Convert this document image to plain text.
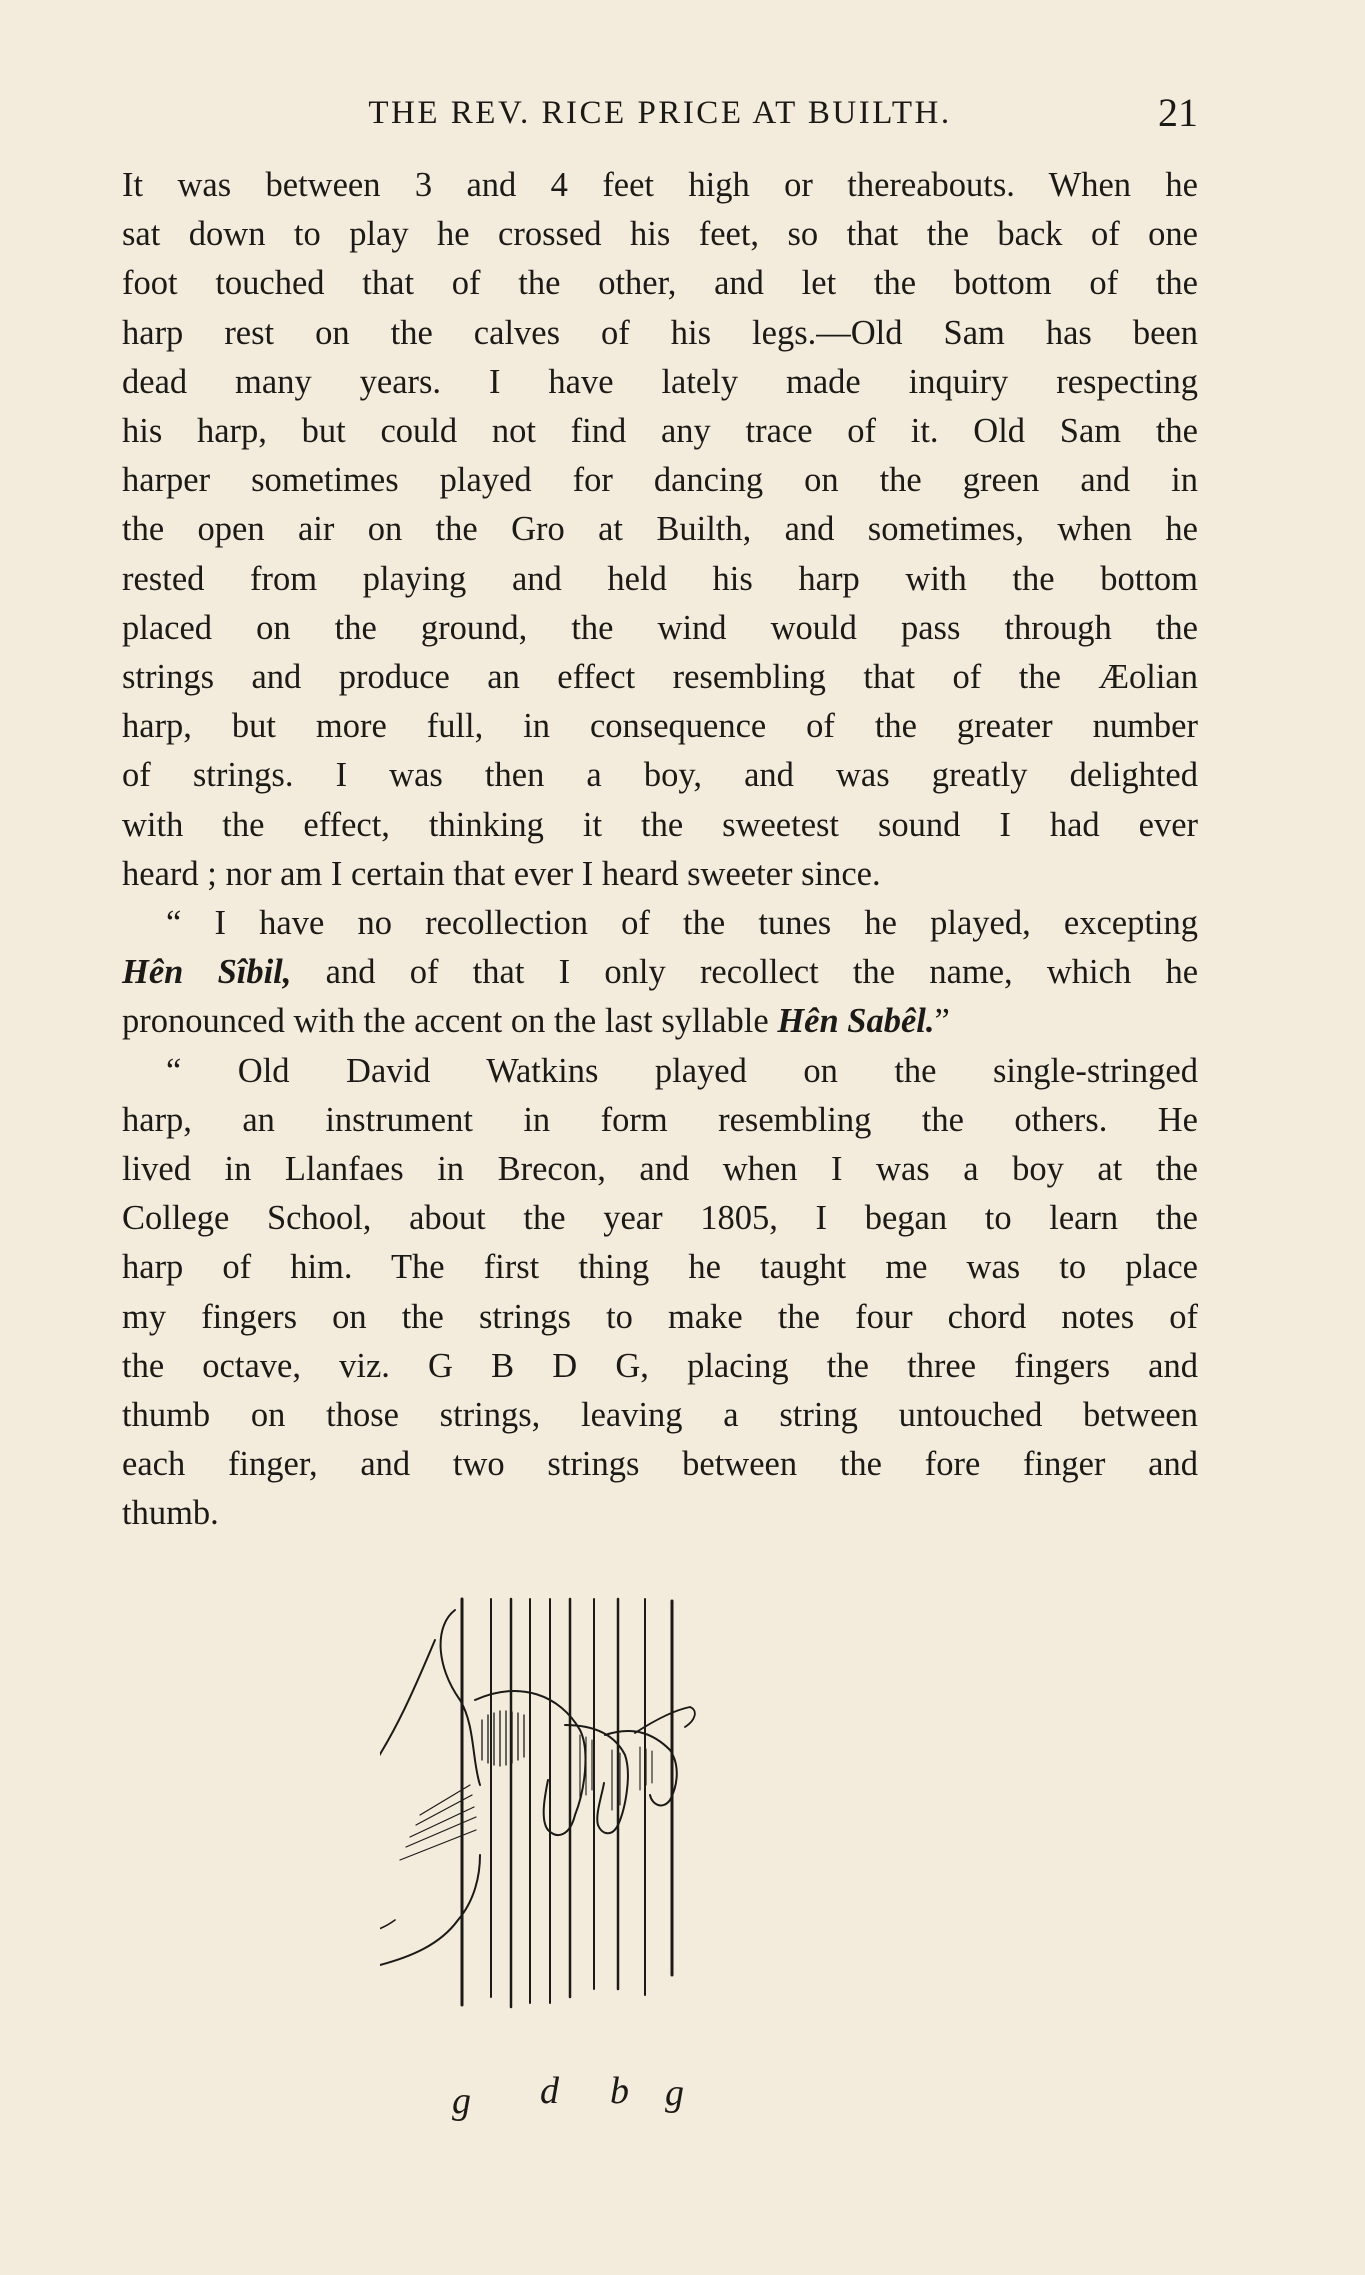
THE REV. RICE PRICE AT BUILTH.	21
It was between 3 and 4 feet high or thereabouts. When he
sat down to play he crossed his feet, so that the back of one
foot touched that of the other, and let the bottom of the
harp rest on the calves of his legs.—Old Sam has been
dead many years. I have lately made inquiry respecting
his harp, but could not find any trace of it. Old Sam the
harper sometimes played for dancing on the green and in
the open air on the Gro at Builth, and sometimes, when he
rested from playing and held his harp with the bottom
placed on the ground, the wind would pass through the
strings and produce an effect resembling that of the Æolian
harp, but more full, in consequence of the greater number
of strings. I was then a boy, and was greatly delighted
with the effect, thinking it the sweetest sound I had ever
heard ; nor am I certain that ever I heard sweeter since.
“ I have no recollection of the tunes he played, excepting
Hên Sîbil, and of that I only recollect the name, which he
pronounced with the accent on the last syllable Hên Sabêl.”
“ Old David Watkins played on the single-stringed
harp, an instrument in form resembling the others. He
lived in Llanfaes in Brecon, and when I was a boy at the
College School, about the year 1805, I began to learn the
harp of him. The first thing he taught me was to place
my fingers on the strings to make the four chord notes of
the octave, viz. G B D G, placing the three fingers and
thumb on those strings, leaving a string untouched between
each finger, and two strings between the fore finger and
thumb.
g d b g
